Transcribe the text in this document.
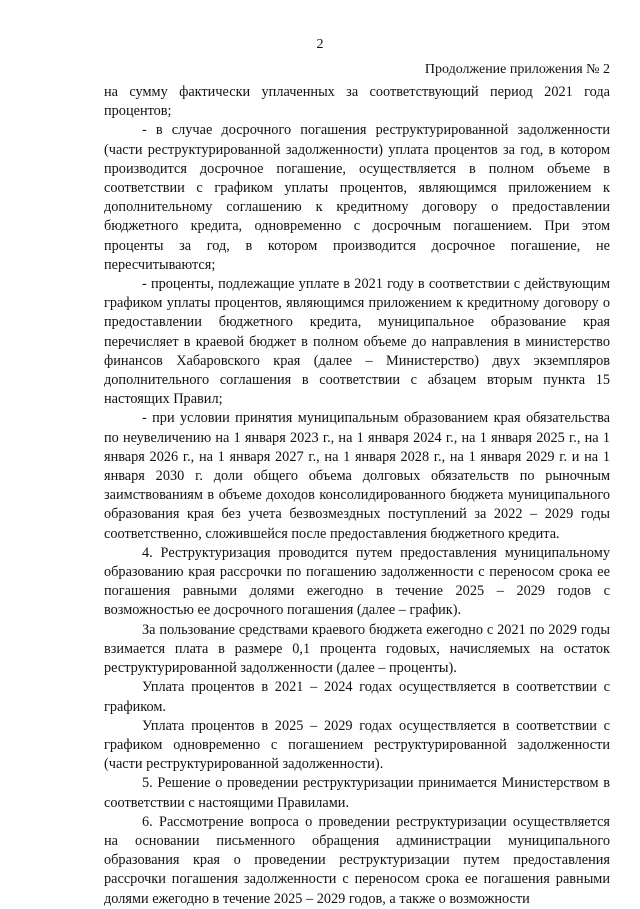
2
Продолжение приложения № 2

на сумму фактически уплаченных за соответствующий период 2021 года процентов;

- в случае досрочного погашения реструктурированной задолженности (части реструктурированной задолженности) уплата процентов за год, в котором производится досрочное погашение, осуществляется в полном объеме в соответствии с графиком уплаты процентов, являющимся приложением к дополнительному соглашению к кредитному договору о предоставлении бюджетного кредита, одновременно с досрочным погашением. При этом проценты за год, в котором производится досрочное погашение, не пересчитываются;

- проценты, подлежащие уплате в 2021 году в соответствии с действующим графиком уплаты процентов, являющимся приложением к кредитному договору о предоставлении бюджетного кредита, муниципальное образование края перечисляет в краевой бюджет в полном объеме до направления в министерство финансов Хабаровского края (далее – Министерство) двух экземпляров дополнительного соглашения в соответствии с абзацем вторым пункта 15 настоящих Правил;

- при условии принятия муниципальным образованием края обязательства по неувеличению на 1 января 2023 г., на 1 января 2024 г., на 1 января 2025 г., на 1 января 2026 г., на 1 января 2027 г., на 1 января 2028 г., на 1 января 2029 г. и на 1 января 2030 г. доли общего объема долговых обязательств по рыночным заимствованиям в объеме доходов консолидированного бюджета муниципального образования края без учета безвозмездных поступлений за 2022 – 2029 годы соответственно, сложившейся после предоставления бюджетного кредита.

4. Реструктуризация проводится путем предоставления муниципальному образованию края рассрочки по погашению задолженности с переносом срока ее погашения равными долями ежегодно в течение 2025 – 2029 годов с возможностью ее досрочного погашения (далее – график).

За пользование средствами краевого бюджета ежегодно с 2021 по 2029 годы взимается плата в размере 0,1 процента годовых, начисляемых на остаток реструктурированной задолженности (далее – проценты).

Уплата процентов в 2021 – 2024 годах осуществляется в соответствии с графиком.

Уплата процентов в 2025 – 2029 годах осуществляется в соответствии с графиком одновременно с погашением реструктурированной задолженности (части реструктурированной задолженности).

5. Решение о проведении реструктуризации принимается Министерством в соответствии с настоящими Правилами.

6. Рассмотрение вопроса о проведении реструктуризации осуществляется на основании письменного обращения администрации муниципального образования края о проведении реструктуризации путем предоставления рассрочки погашения задолженности с переносом срока ее погашения равными долями ежегодно в течение 2025 – 2029 годов, а также о возможности
